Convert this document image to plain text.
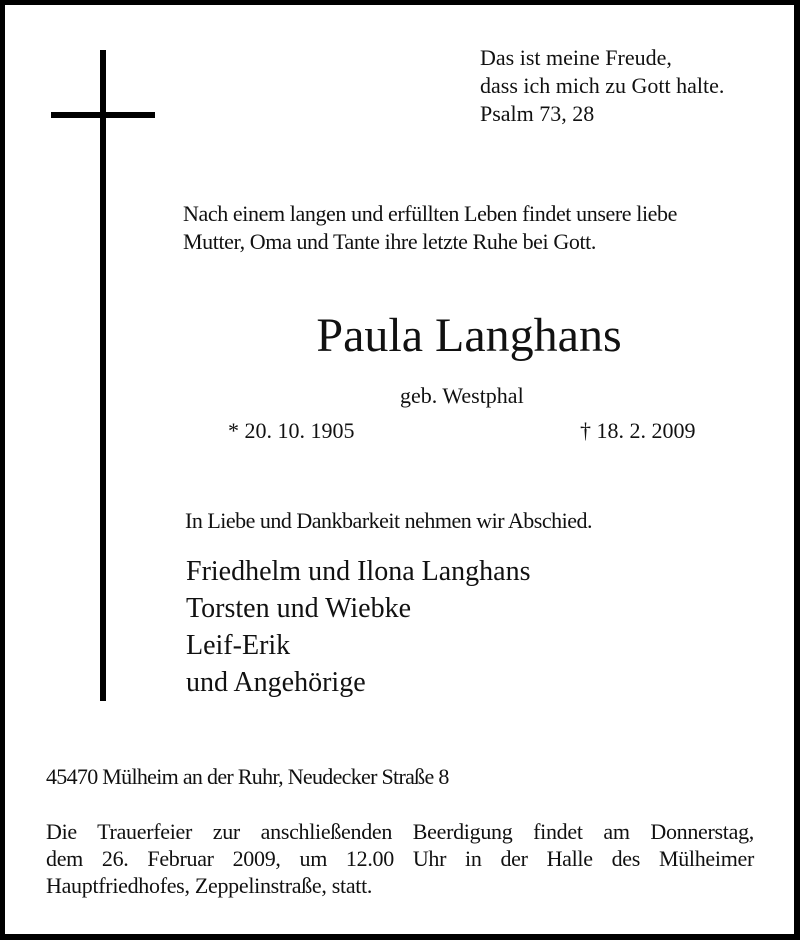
Das ist meine Freude,
dass ich mich zu Gott halte.
Psalm 73, 28
Nach einem langen und erfüllten Leben findet unsere liebe
Mutter, Oma und Tante ihre letzte Ruhe bei Gott.
Paula Langhans
geb. Westphal
* 20. 10. 1905	† 18. 2. 2009
In Liebe und Dankbarkeit nehmen wir Abschied.
Friedhelm und Ilona Langhans
Torsten und Wiebke
Leif-Erik
und Angehörige
45470 Mülheim an der Ruhr, Neudecker Straße 8
Die Trauerfeier zur anschließenden Beerdigung findet am Donnerstag,
dem 26. Februar 2009, um 12.00 Uhr in der Halle des Mülheimer
Hauptfriedhofes, Zeppelinstraße, statt.
